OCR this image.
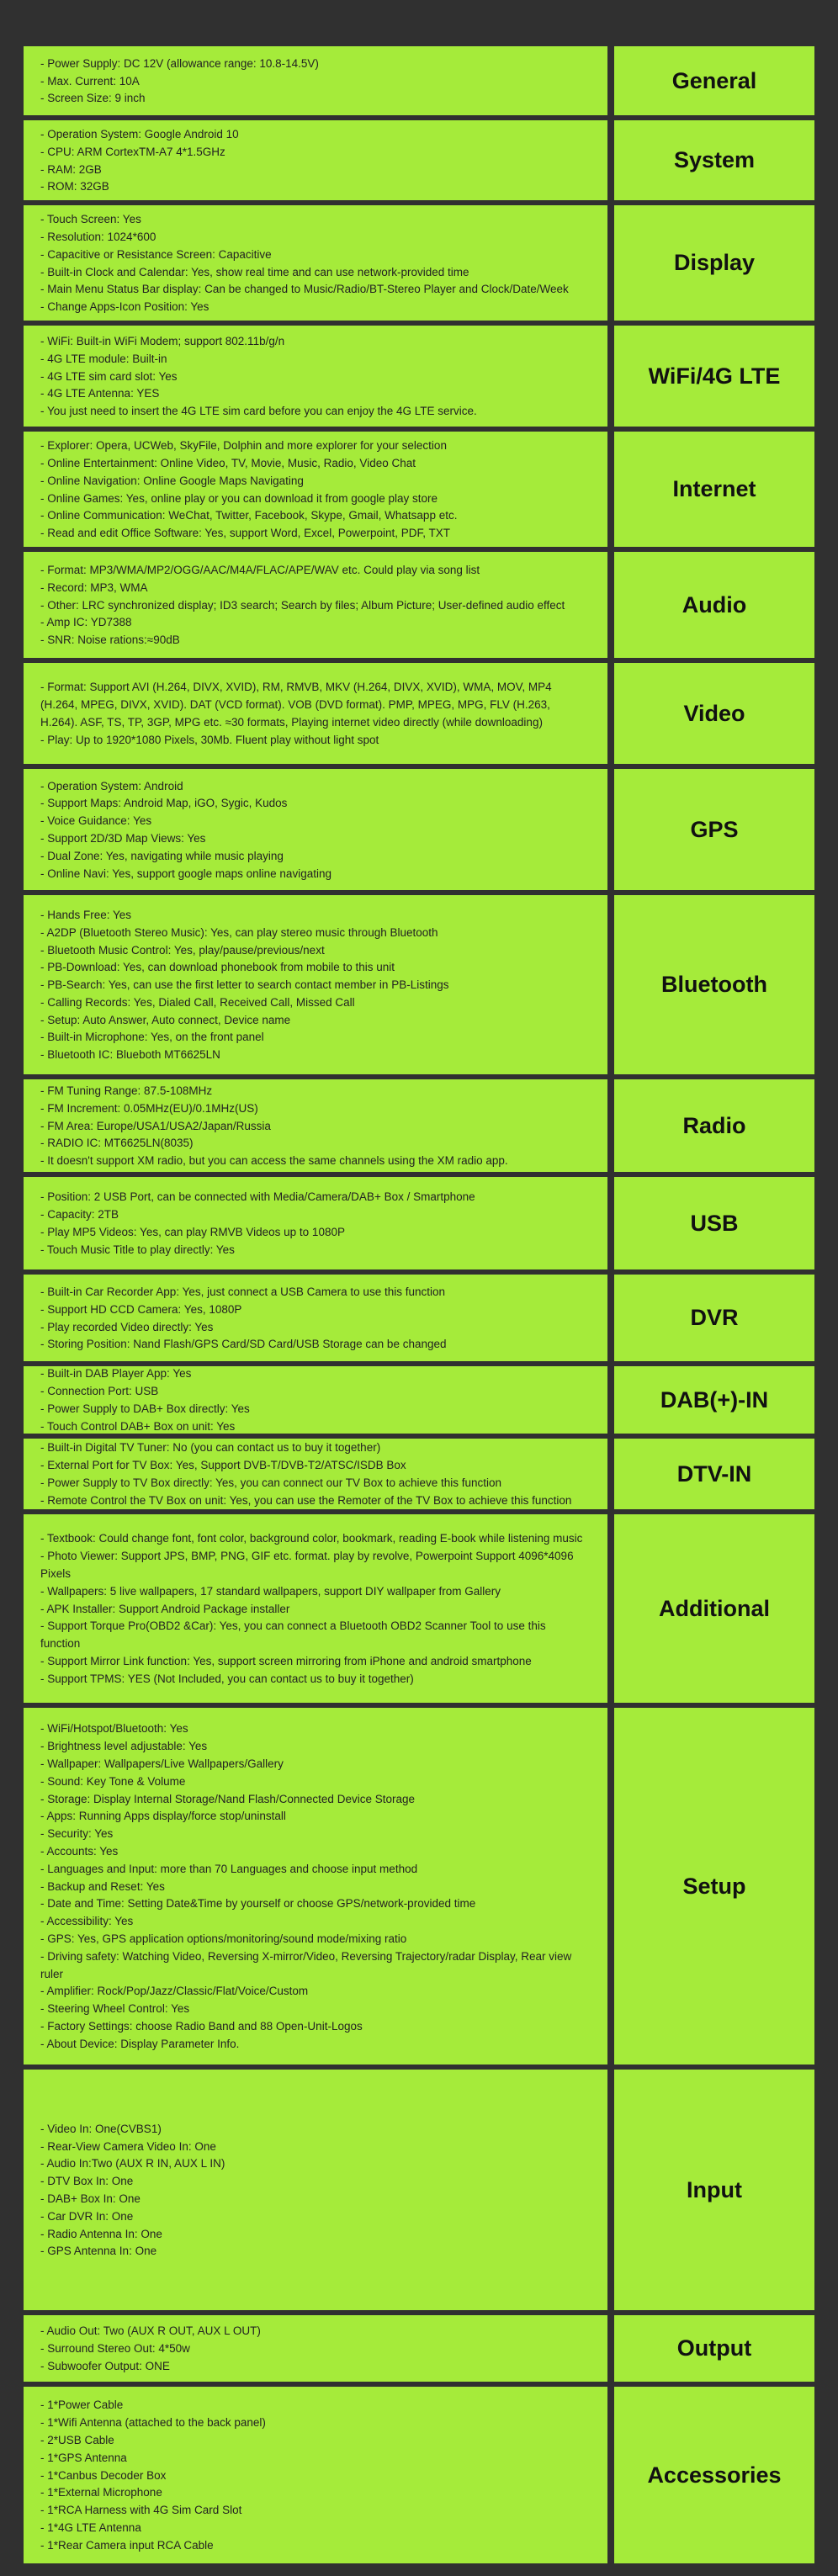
- Power Supply: DC 12V (allowance range: 10.8-14.5V)
- Max. Current: 10A
- Screen Size: 9 inch
General
- Operation System: Google Android 10
- CPU: ARM CortexTM-A7 4*1.5GHz
- RAM: 2GB
- ROM: 32GB
System
- Touch Screen: Yes
- Resolution: 1024*600
- Capacitive or Resistance Screen: Capacitive
- Built-in Clock and Calendar: Yes, show real time and can use network-provided time
- Main Menu Status Bar display: Can be changed to Music/Radio/BT-Stereo Player and Clock/Date/Week
- Change Apps-Icon Position: Yes
Display
- WiFi: Built-in WiFi Modem; support 802.11b/g/n
- 4G LTE module: Built-in
- 4G LTE sim card slot: Yes
- 4G LTE Antenna: YES
- You just need to insert the 4G LTE sim card before you can enjoy the 4G LTE service.
WiFi/4G LTE
- Explorer: Opera, UCWeb, SkyFile, Dolphin and more explorer for your selection
- Online Entertainment: Online Video, TV, Movie, Music, Radio, Video Chat
- Online Navigation: Online Google Maps Navigating
- Online Games: Yes, online play or you can download it from google play store
- Online Communication: WeChat, Twitter, Facebook, Skype, Gmail, Whatsapp etc.
- Read and edit Office Software: Yes, support Word, Excel, Powerpoint, PDF, TXT
Internet
- Format: MP3/WMA/MP2/OGG/AAC/M4A/FLAC/APE/WAV etc. Could play via song list
- Record: MP3, WMA
- Other: LRC synchronized display; ID3 search; Search by files; Album Picture; User-defined audio effect
- Amp IC: YD7388
- SNR: Noise rations:≈90dB
Audio
- Format: Support AVI (H.264, DIVX, XVID), RM, RMVB, MKV (H.264, DIVX, XVID), WMA, MOV, MP4
(H.264, MPEG, DIVX, XVID). DAT (VCD format). VOB (DVD format). PMP, MPEG, MPG, FLV (H.263,
H.264). ASF, TS, TP, 3GP, MPG etc. ≈30 formats, Playing internet video directly (while downloading)
- Play: Up to 1920*1080 Pixels, 30Mb. Fluent play without light spot
Video
- Operation System: Android
- Support Maps: Android Map, iGO, Sygic, Kudos
- Voice Guidance: Yes
- Support 2D/3D Map Views: Yes
- Dual Zone: Yes, navigating while music playing
- Online Navi: Yes, support google maps online navigating
GPS
- Hands Free: Yes
- A2DP (Bluetooth Stereo Music): Yes, can play stereo music through Bluetooth
- Bluetooth Music Control: Yes, play/pause/previous/next
- PB-Download: Yes, can download phonebook from mobile to this unit
- PB-Search: Yes, can use the first letter to search contact member in PB-Listings
- Calling Records: Yes, Dialed Call, Received Call, Missed Call
- Setup: Auto Answer, Auto connect, Device name
- Built-in Microphone: Yes, on the front panel
- Bluetooth IC: Blueboth MT6625LN
Bluetooth
- FM Tuning Range: 87.5-108MHz
- FM Increment: 0.05MHz(EU)/0.1MHz(US)
- FM Area: Europe/USA1/USA2/Japan/Russia
- RADIO IC: MT6625LN(8035)
- It doesn't support XM radio, but you can access the same channels using the XM radio app.
Radio
- Position: 2 USB Port, can be connected with Media/Camera/DAB+ Box / Smartphone
- Capacity: 2TB
- Play MP5 Videos: Yes, can play RMVB Videos up to 1080P
- Touch Music Title to play directly: Yes
USB
- Built-in Car Recorder App: Yes, just connect a USB Camera to use this function
- Support HD CCD Camera: Yes, 1080P
- Play recorded Video directly: Yes
- Storing Position: Nand Flash/GPS Card/SD Card/USB Storage can be changed
DVR
- Built-in DAB Player App: Yes
- Connection Port: USB
- Power Supply to DAB+ Box directly: Yes
- Touch Control DAB+ Box on unit: Yes
DAB(+)-IN
- Built-in Digital TV Tuner: No (you can contact us to buy it together)
- External Port for TV Box: Yes, Support DVB-T/DVB-T2/ATSC/ISDB Box
- Power Supply to TV Box directly: Yes, you can connect our TV Box to achieve this function
- Remote Control the TV Box on unit: Yes, you can use the Remoter of the TV Box to achieve this function
DTV-IN
- Textbook: Could change font, font color, background color, bookmark, reading E-book while listening music
- Photo Viewer: Support JPS, BMP, PNG, GIF etc. format. play by revolve, Powerpoint Support 4096*4096
Pixels
- Wallpapers: 5 live wallpapers, 17 standard wallpapers, support DIY wallpaper from Gallery
- APK Installer: Support Android Package installer
- Support Torque Pro(OBD2 &Car): Yes, you can connect a Bluetooth OBD2 Scanner Tool to use this
function
- Support Mirror Link function: Yes, support screen mirroring from iPhone and android smartphone
- Support TPMS: YES (Not Included, you can contact us to buy it together)
Additional
- WiFi/Hotspot/Bluetooth: Yes
- Brightness level adjustable: Yes
- Wallpaper: Wallpapers/Live Wallpapers/Gallery
- Sound: Key Tone & Volume
- Storage: Display Internal Storage/Nand Flash/Connected Device Storage
- Apps: Running Apps display/force stop/uninstall
- Security: Yes
- Accounts: Yes
- Languages and Input: more than 70 Languages and choose input method
- Backup and Reset: Yes
- Date and Time: Setting Date&Time by yourself or choose GPS/network-provided time
- Accessibility: Yes
- GPS: Yes, GPS application options/monitoring/sound mode/mixing ratio
- Driving safety: Watching Video, Reversing X-mirror/Video, Reversing Trajectory/radar Display, Rear view
ruler
- Amplifier: Rock/Pop/Jazz/Classic/Flat/Voice/Custom
- Steering Wheel Control: Yes
- Factory Settings: choose Radio Band and 88 Open-Unit-Logos
- About Device: Display Parameter Info.
Setup
- Video In: One(CVBS1)
- Rear-View Camera Video In: One
- Audio In:Two (AUX R IN, AUX L IN)
- DTV Box In: One
- DAB+ Box In: One
- Car DVR In: One
- Radio Antenna In: One
- GPS Antenna In: One
Input
- Audio Out: Two (AUX R OUT, AUX L OUT)
- Surround Stereo Out: 4*50w
- Subwoofer Output: ONE
Output
- 1*Power Cable
- 1*Wifi Antenna (attached to the back panel)
- 2*USB Cable
- 1*GPS Antenna
- 1*Canbus Decoder Box
- 1*External Microphone
- 1*RCA Harness with 4G Sim Card Slot
- 1*4G LTE Antenna
- 1*Rear Camera input RCA Cable
Accessories
